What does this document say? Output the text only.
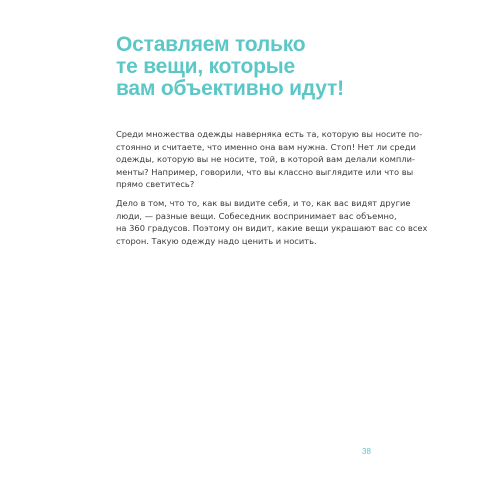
Оставляем только
те вещи, которые
вам объективно идут!

Среди множества одежды наверняка есть та, которую вы носите по-
стоянно и считаете, что именно она вам нужна. Стоп! Нет ли среди
одежды, которую вы не носите, той, в которой вам делали компли-
менты? Например, говорили, что вы классно выглядите или что вы
прямо светитесь?

Дело в том, что то, как вы видите себя, и то, как вас видят другие
люди, — разные вещи. Собеседник воспринимает вас объемно,
на 360 градусов. Поэтому он видит, какие вещи украшают вас со всех
сторон. Такую одежду надо ценить и носить.

38
